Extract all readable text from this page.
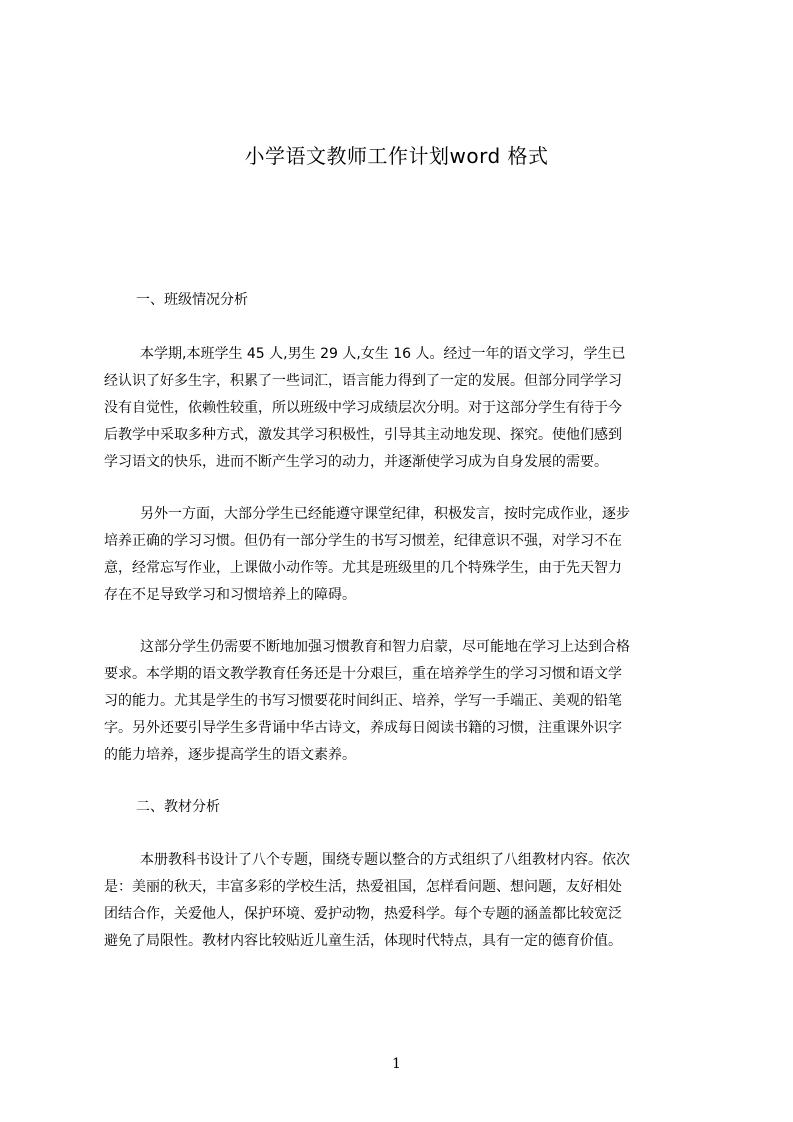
小学语文教师工作计划word 格式
一、班级情况分析
本学期,本班学生 45 人,男生 29 人,女生 16 人。经过一年的语文学习，学生已
经认识了好多生字，积累了一些词汇，语言能力得到了一定的发展。但部分同学学习
没有自觉性，依赖性较重，所以班级中学习成绩层次分明。对于这部分学生有待于今
后教学中采取多种方式，激发其学习积极性，引导其主动地发现、探究。使他们感到
学习语文的快乐，进而不断产生学习的动力，并逐渐使学习成为自身发展的需要。
另外一方面，大部分学生已经能遵守课堂纪律，积极发言，按时完成作业，逐步
培养正确的学习习惯。但仍有一部分学生的书写习惯差，纪律意识不强，对学习不在
意，经常忘写作业，上课做小动作等。尤其是班级里的几个特殊学生，由于先天智力
存在不足导致学习和习惯培养上的障碍。
这部分学生仍需要不断地加强习惯教育和智力启蒙，尽可能地在学习上达到合格
要求。本学期的语文教学教育任务还是十分艰巨，重在培养学生的学习习惯和语文学
习的能力。尤其是学生的书写习惯要花时间纠正、培养，学写一手端正、美观的铅笔
字。另外还要引导学生多背诵中华古诗文，养成每日阅读书籍的习惯，注重课外识字
的能力培养，逐步提高学生的语文素养。
二、教材分析
本册教科书设计了八个专题，围绕专题以整合的方式组织了八组教材内容。依次
是：美丽的秋天，丰富多彩的学校生活，热爱祖国，怎样看问题、想问题，友好相处
团结合作，关爱他人，保护环境、爱护动物，热爱科学。每个专题的涵盖都比较宽泛
避免了局限性。教材内容比较贴近儿童生活，体现时代特点，具有一定的德育价值。
1
